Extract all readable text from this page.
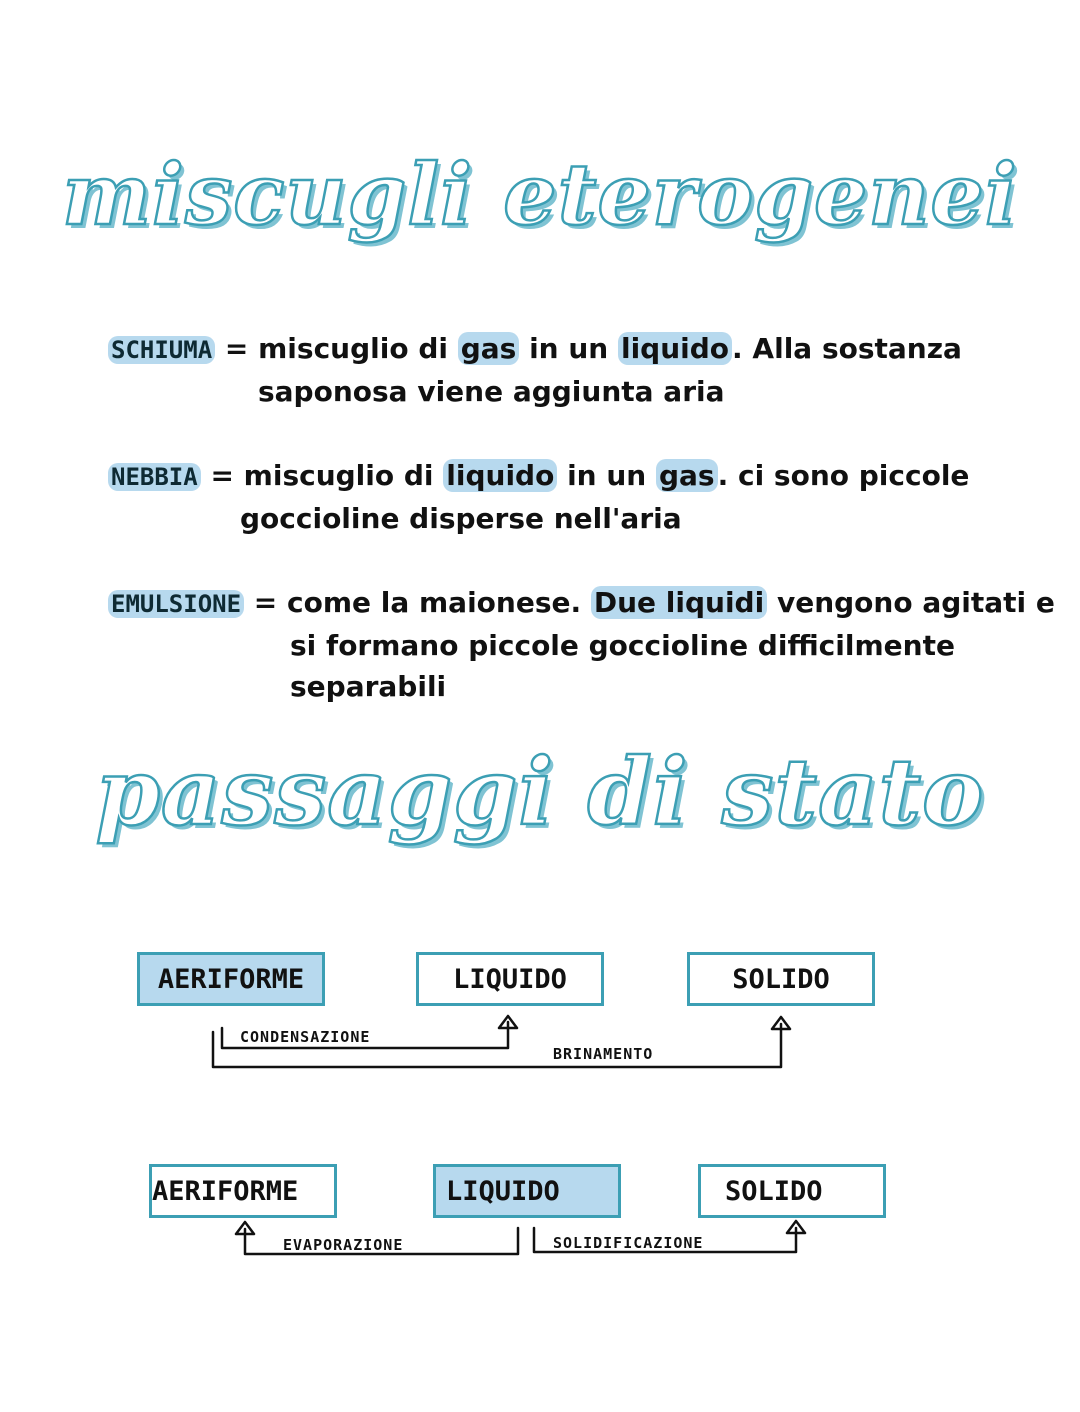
miscugli eterogenei
SCHIUMA = miscuglio di gas in un liquido . Alla sostanza
saponosa viene aggiunta aria
NEBBIA = miscuglio di liquido in un gas . ci sono piccole
goccioline disperse nell'aria
EMULSIONE = come la maionese. Due liquidi vengono agitati e
si formano piccole goccioline difficilmente
separabili
passaggi di stato
AERIFORME	LIQUIDO	SOLIDO
CONDENSAZIONE
BRINAMENTO
AERIFORME	LIQUIDO	SOLIDO
EVAPORAZIONE	SOLIDIFICAZIONE
